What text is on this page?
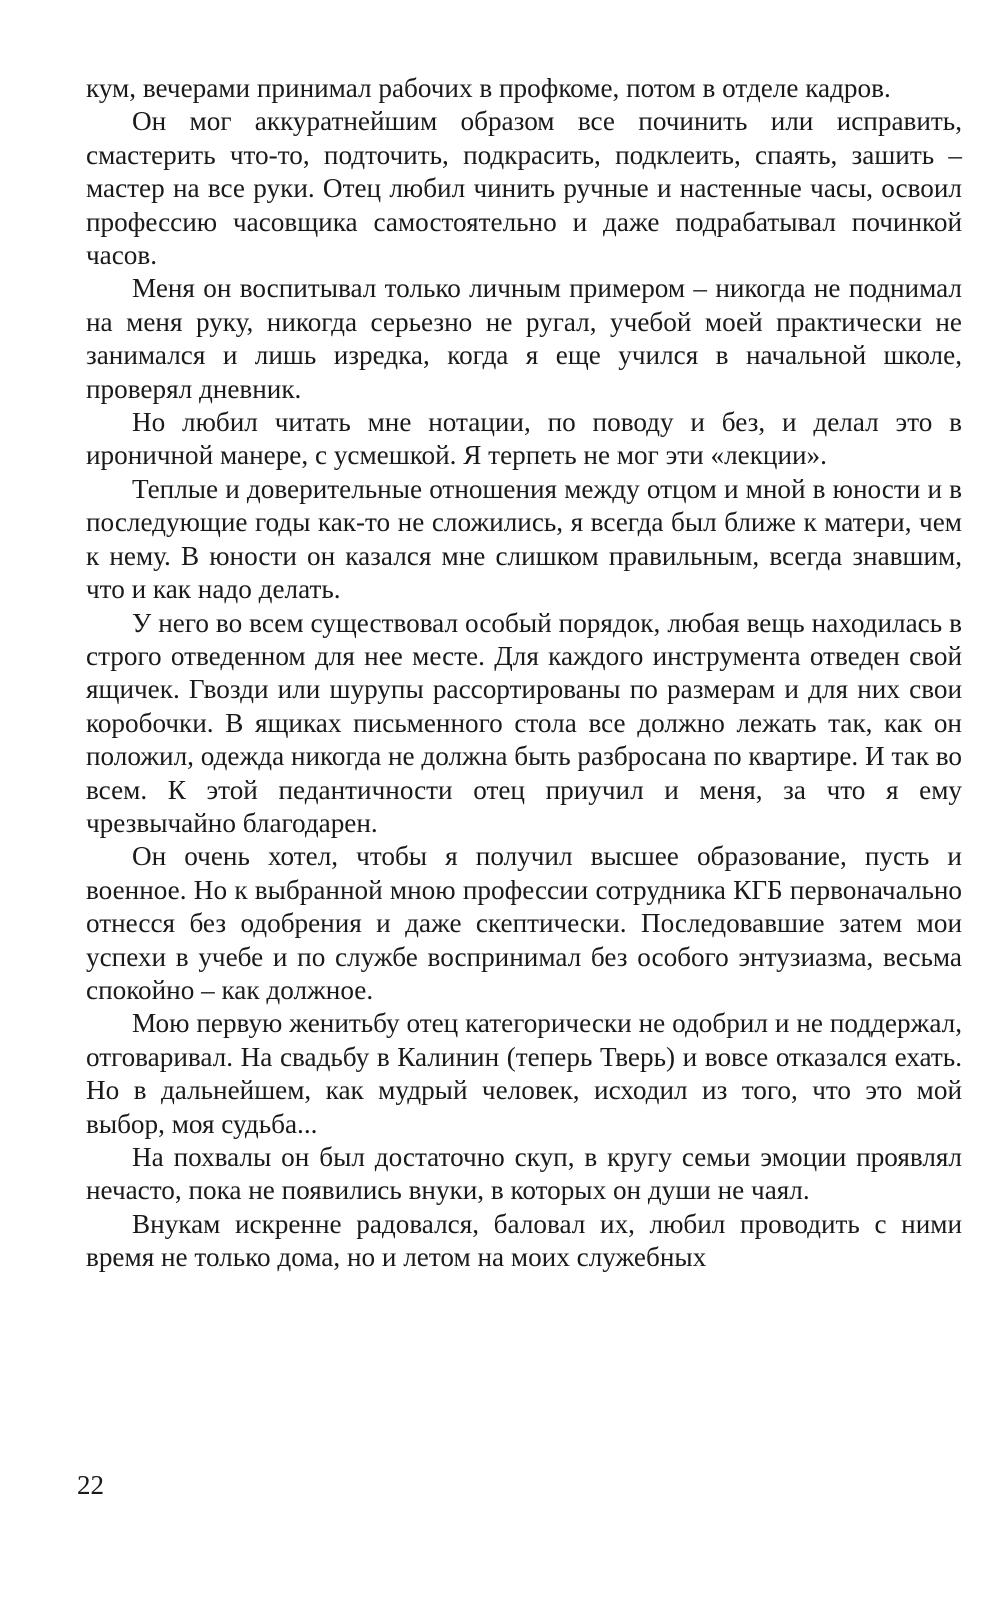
кум, вечерами принимал рабочих в профкоме, потом в отделе кадров.

Он мог аккуратнейшим образом все починить или исправить, смастерить что-то, подточить, подкрасить, подклеить, спаять, зашить – мастер на все руки. Отец любил чинить ручные и настенные часы, освоил профессию часовщика самостоятельно и даже подрабатывал починкой часов.

Меня он воспитывал только личным примером – никогда не поднимал на меня руку, никогда серьезно не ругал, учебой моей практически не занимался и лишь изредка, когда я еще учился в начальной школе, проверял дневник.

Но любил читать мне нотации, по поводу и без, и делал это в ироничной манере, с усмешкой. Я терпеть не мог эти «лекции».

Теплые и доверительные отношения между отцом и мной в юности и в последующие годы как-то не сложились, я всегда был ближе к матери, чем к нему. В юности он казался мне слишком правильным, всегда знавшим, что и как надо делать.

У него во всем существовал особый порядок, любая вещь находилась в строго отведенном для нее месте. Для каждого инструмента отведен свой ящичек. Гвозди или шурупы рассортированы по размерам и для них свои коробочки. В ящиках письменного стола все должно лежать так, как он положил, одежда никогда не должна быть разбросана по квартире. И так во всем. К этой педантичности отец приучил и меня, за что я ему чрезвычайно благодарен.

Он очень хотел, чтобы я получил высшее образование, пусть и военное. Но к выбранной мною профессии сотрудника КГБ первоначально отнесся без одобрения и даже скептически. Последовавшие затем мои успехи в учебе и по службе воспринимал без особого энтузиазма, весьма спокойно – как должное.

Мою первую женитьбу отец категорически не одобрил и не поддержал, отговаривал. На свадьбу в Калинин (теперь Тверь) и вовсе отказался ехать. Но в дальнейшем, как мудрый человек, исходил из того, что это мой выбор, моя судьба...

На похвалы он был достаточно скуп, в кругу семьи эмоции проявлял нечасто, пока не появились внуки, в которых он души не чаял.

Внукам искренне радовался, баловал их, любил проводить с ними время не только дома, но и летом на моих служебных

22
